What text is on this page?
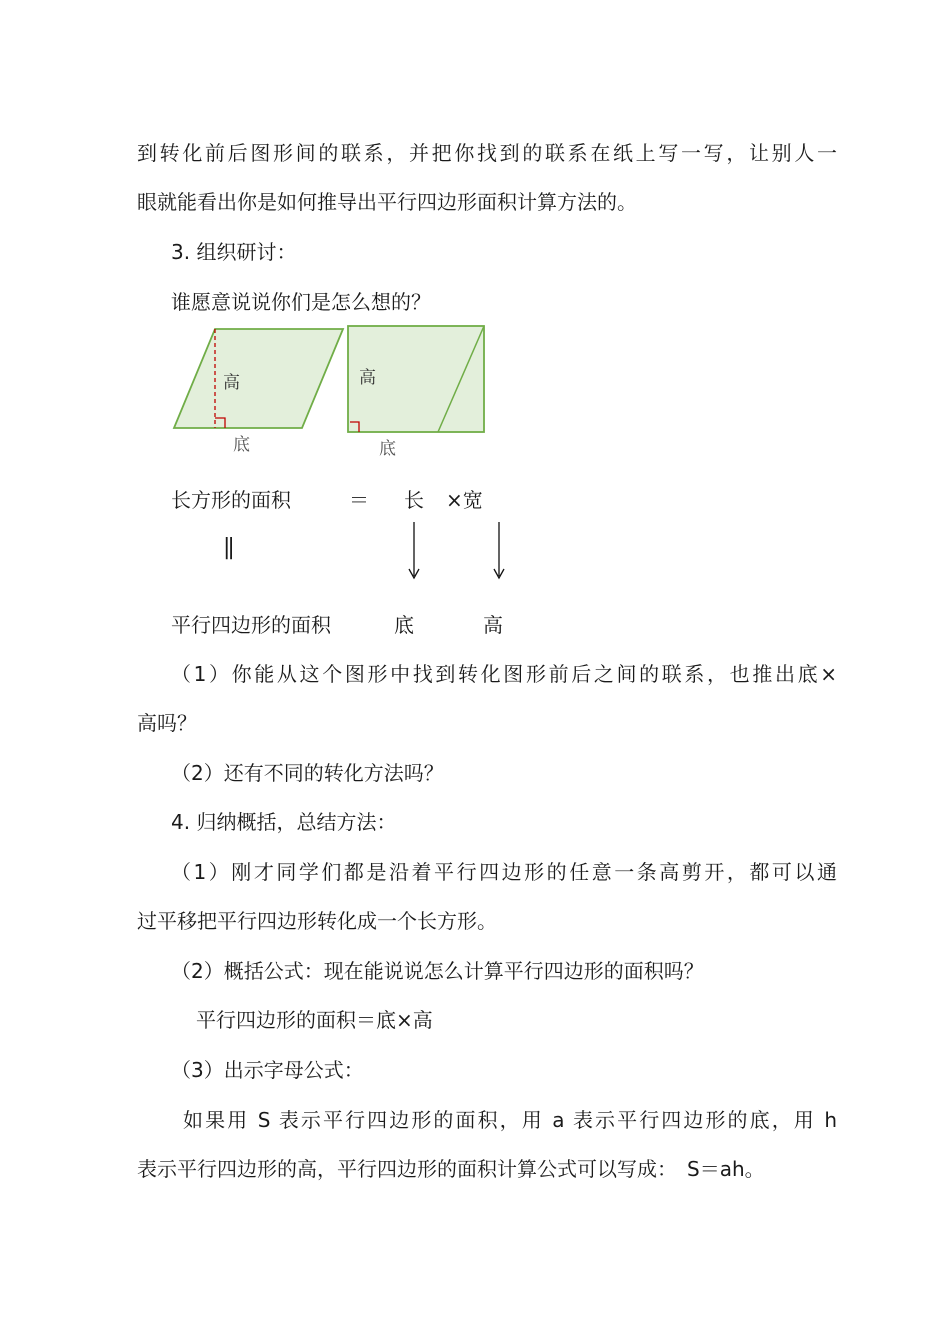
到转化前后图形间的联系，并把你找到的联系在纸上写一写，让别人一
眼就能看出你是如何推导出平行四边形面积计算方法的。
3. 组织研讨：
谁愿意说说你们是怎么想的？
高
底
高
底
长方形的面积	＝ 长 ×宽
||
平行四边形的面积	底	高
（1）你能从这个图形中找到转化图形前后之间的联系，也推出底×
高吗？
（2）还有不同的转化方法吗？
4. 归纳概括，总结方法：
（1）刚才同学们都是沿着平行四边形的任意一条高剪开，都可以通
过平移把平行四边形转化成一个长方形。
（2）概括公式：现在能说说怎么计算平行四边形的面积吗？
平行四边形的面积＝底×高
（3）出示字母公式：
如果用 S 表示平行四边形的面积，用 a 表示平行四边形的底，用 h
表示平行四边形的高，平行四边形的面积计算公式可以写成：　S＝ah。
